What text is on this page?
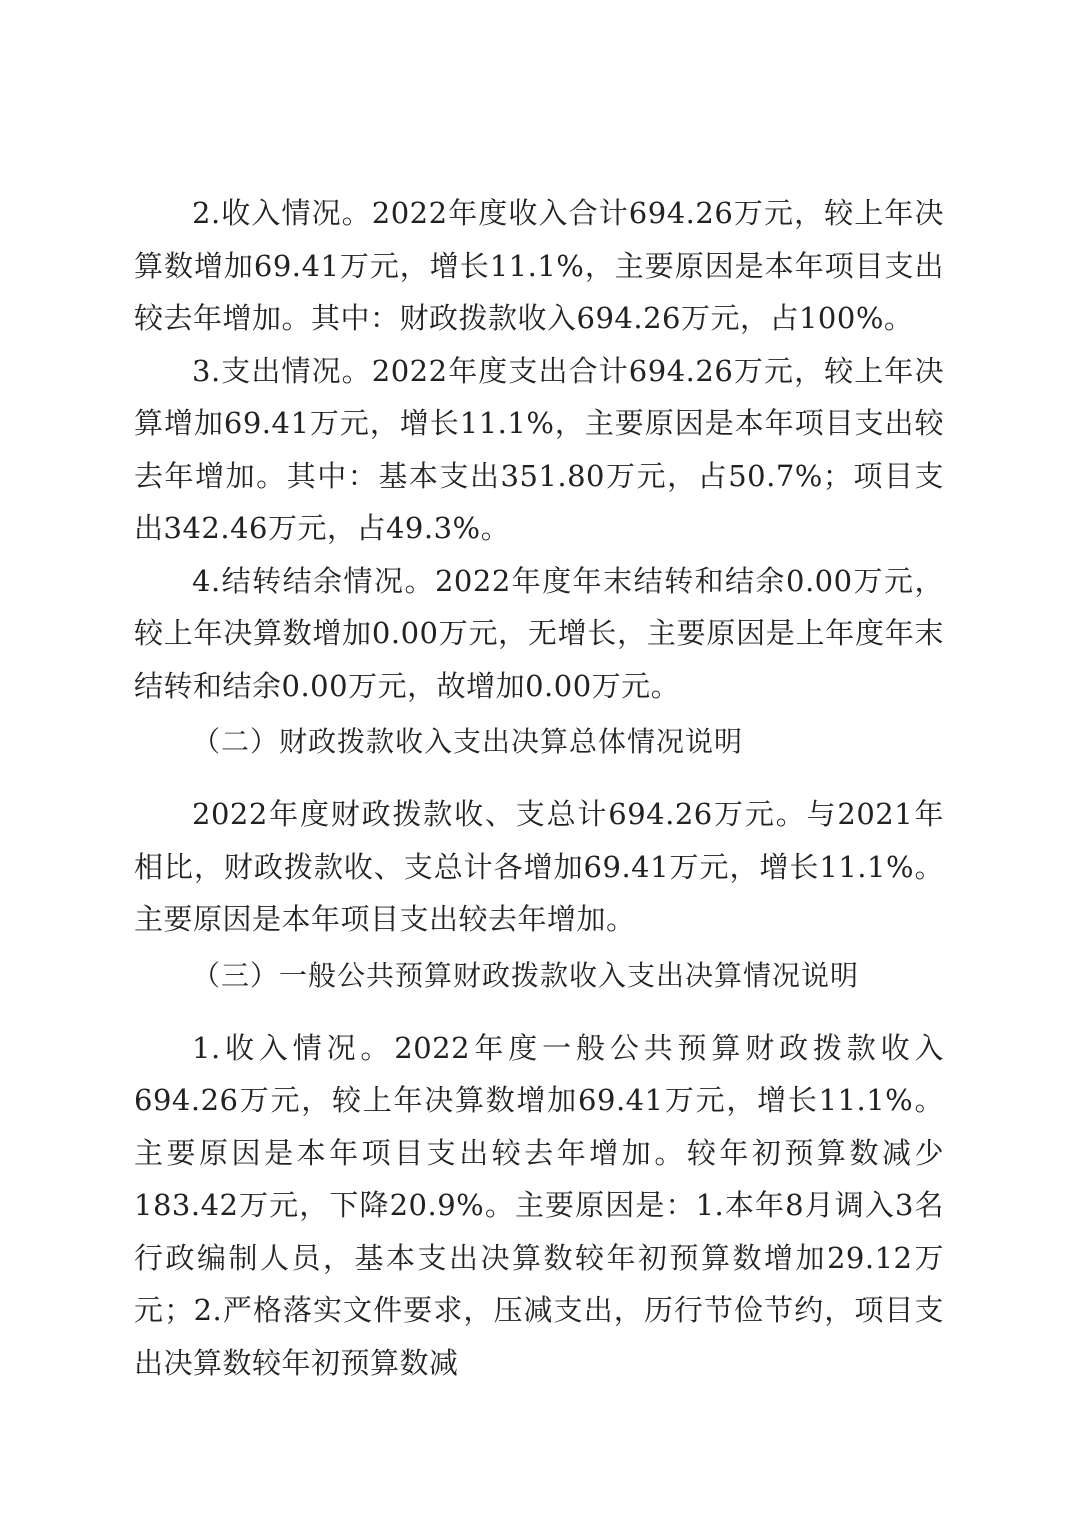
2.收入情况。2022年度收入合计694.26万元，较上年决算数增加69.41万元，增长11.1%，主要原因是本年项目支出较去年增加。其中：财政拨款收入694.26万元，占100%。

3.支出情况。2022年度支出合计694.26万元，较上年决算增加69.41万元，增长11.1%，主要原因是本年项目支出较去年增加。其中：基本支出351.80万元，占50.7%；项目支出342.46万元，占49.3%。

4.结转结余情况。2022年度年末结转和结余0.00万元，较上年决算数增加0.00万元，无增长，主要原因是上年度年末结转和结余0.00万元，故增加0.00万元。

（二）财政拨款收入支出决算总体情况说明

2022年度财政拨款收、支总计694.26万元。与2021年相比，财政拨款收、支总计各增加69.41万元，增长11.1%。主要原因是本年项目支出较去年增加。

（三）一般公共预算财政拨款收入支出决算情况说明

1.收入情况。2022年度一般公共预算财政拨款收入694.26万元，较上年决算数增加69.41万元，增长11.1%。主要原因是本年项目支出较去年增加。较年初预算数减少183.42万元，下降20.9%。主要原因是：1.本年8月调入3名行政编制人员，基本支出决算数较年初预算数增加29.12万元；2.严格落实文件要求，压减支出，历行节俭节约，项目支出决算数较年初预算数减
